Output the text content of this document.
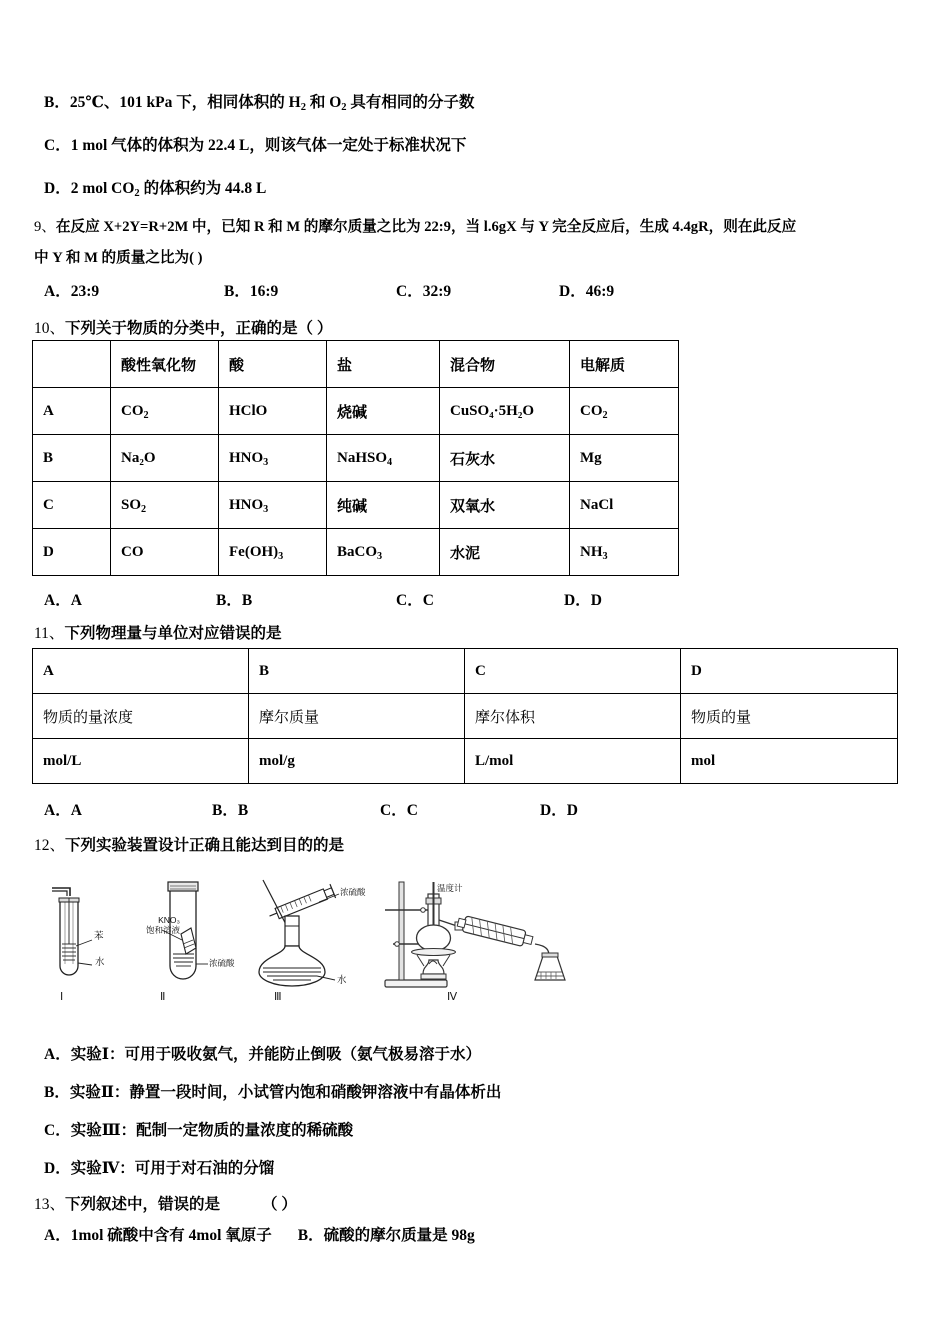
B．25℃、101 kPa 下，相同体积的 $H_2$ 和 $O_2$ 具有相同的分子数
C．1 mol 气体的体积为 22.4 L，则该气体一定处于标准状况下
D．2 mol $CO_2$ 的体积约为 44.8 L
9、在反应 X+2Y=R+2M 中，已知 R 和 M 的摩尔质量之比为 22:9，当 l.6gX 与 Y 完全反应后，生成 4.4gR，则在此反应
中 Y 和 M 的质量之比为( )
A．23:9	B．16:9	C．32:9	D．46:9
10、下列关于物质的分类中，正确的是（ ）
	酸性氧化物	酸	盐	混合物	电解质
A	$CO_2$	HClO	烧碱	CuSO₄·5H₂O	$CO_2$
B	Na₂O	$HNO_3$	NaHSO$_4$	石灰水	Mg
C	$SO_2$	$HNO_3$	纯碱	双氧水	NaCl
D	CO	$Fe(OH)_3$	BaCO$_3$	水泥	$NH_3$
A．A	B．B	C．C	D．D
11、下列物理量与单位对应错误的是
A	B	C	D
物质的量浓度	摩尔质量	摩尔体积	物质的量
mol/L	mol/g	L/mol	mol
A．A	B．B	C．C	D．D
12、下列实验装置设计正确且能达到目的的是
苯
水
Ⅰ
KNO₃
饱和溶液
浓硫酸
Ⅱ
浓硫酸
水
Ⅲ
温度计
Ⅳ
A．实验Ⅰ：可用于吸收氨气，并能防止倒吸（氨气极易溶于水）
B．实验Ⅱ：静置一段时间，小试管内饱和硝酸钾溶液中有晶体析出
C．实验Ⅲ：配制一定物质的量浓度的稀硫酸
D．实验Ⅳ：可用于对石油的分馏
13、下列叙述中，错误的是	（ ）
A．1mol 硫酸中含有 4mol 氧原子 B．硫酸的摩尔质量是 98g
